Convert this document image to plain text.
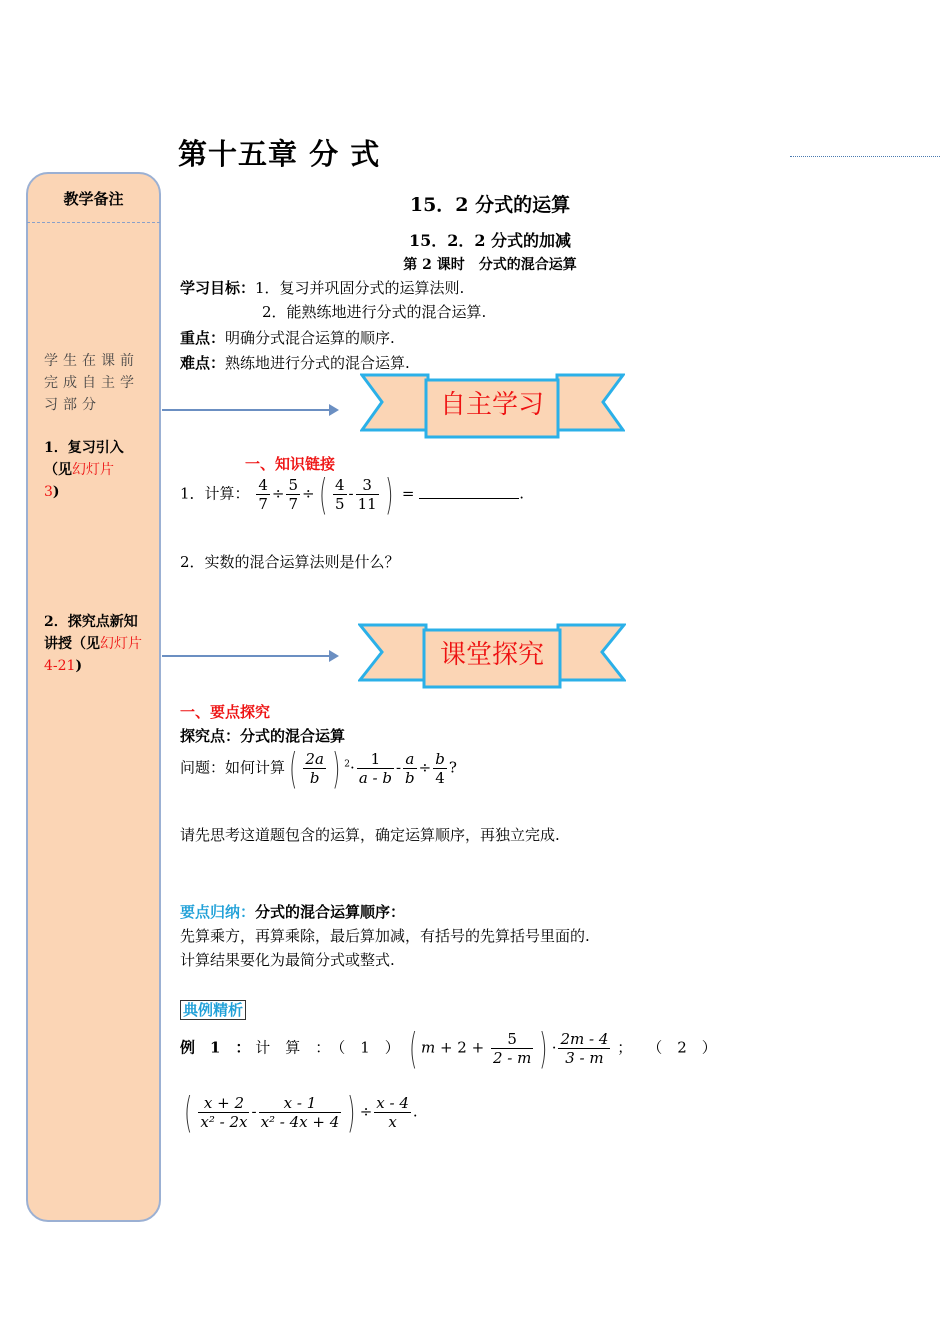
第十五章 分 式
教学备注
学生在课前完成自主学习部分
1．复习引入（见幻灯片
3)
2．探究点新知讲授（见幻灯片
4-21)
15．2 分式的运算
15．2．2 分式的加减
第 2 课时　分式的混合运算
学习目标：1．复习并巩固分式的运算法则.
2．能熟练地进行分式的混合运算.
重点：明确分式混合运算的顺序.
难点：熟练地进行分式的混合运算.
自主学习
一、知识链接
1．计算： $\frac{4}{7} \div \frac{5}{7}$ ÷( $\frac{4}{5} - \frac{3}{11}$ ) =	.
2．实数的混合运算法则是什么？
课堂探究
一、要点探究
探究点：分式的混合运算
问题：如何计算( $\frac{2a}{b}$ ) $^2\cdot \frac{1}{a - b} - \frac{a}{b} \div \frac{b}{4}$ ?
请先思考这道题包含的运算，确定运算顺序，再独立完成.
要点归纳：分式的混合运算顺序：
先算乘方，再算乘除，最后算加减，有括号的先算括号里面的.
计算结果要化为最简分式或整式.
典例精析
例　1　： 计　算　：　（　1　） ( $m + 2 + \frac{5}{2 - m}$ ) · $\frac{2m - 4}{3 - m}$ ；　　（　2　）
( $\frac{x + 2}{\text{x² - 2x}} - \frac{x - 1}{\text{x² - 4x + 4}}$ ) ÷ $\frac{x - 4}{x}$ .
